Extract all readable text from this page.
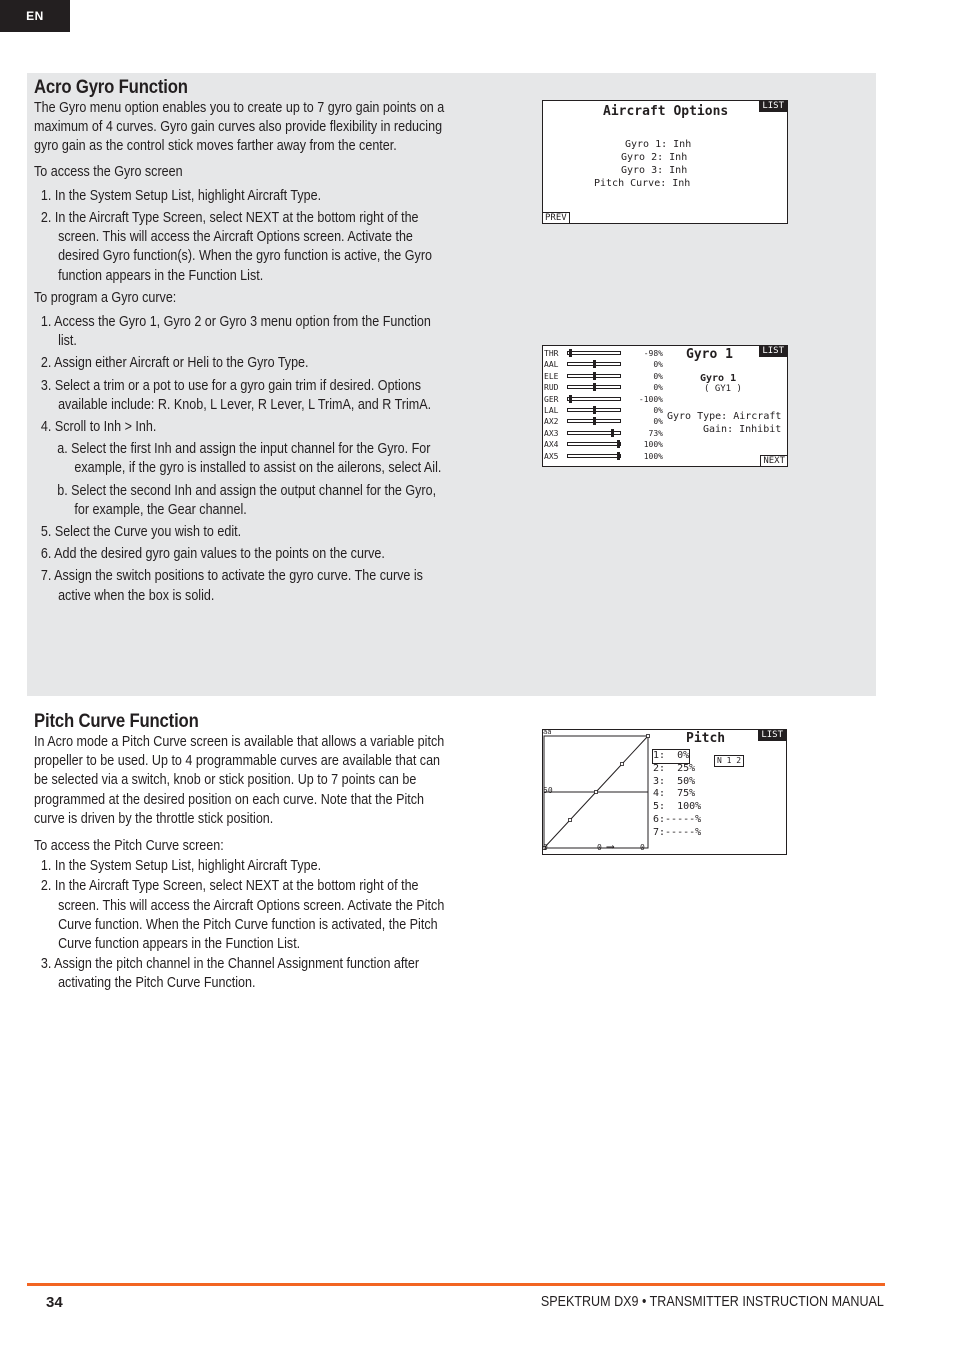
EN
Acro Gyro Function

The Gyro menu option enables you to create up to 7 gyro gain points on a maximum of 4 curves. Gyro gain curves also provide flexibility in reducing gyro gain as the control stick moves farther away from the center.

To access the Gyro screen

1. In the System Setup List, highlight Aircraft Type.
2. In the Aircraft Type Screen, select NEXT at the bottom right of the screen. This will access the Aircraft Options screen. Activate the desired Gyro function(s). When the gyro function is active, the Gyro function appears in the Function List.

To program a Gyro curve:

1. Access the Gyro 1, Gyro 2 or Gyro 3 menu option from the Function list.
2. Assign either Aircraft or Heli to the Gyro Type.
3. Select a trim or a pot to use for a gyro gain trim if desired. Options available include: R. Knob, L Lever, R Lever, L TrimA, and R TrimA.
4. Scroll to Inh > Inh.
a. Select the first Inh and assign the input channel for the Gyro. For example, if the gyro is installed to assist on the ailerons, select Ail.
b. Select the second Inh and assign the output channel for the Gyro, for example, the Gear channel.
5. Select the Curve you wish to edit.
6. Add the desired gyro gain values to the points on the curve.
7. Assign the switch positions to activate the gyro curve. The curve is active when the box is solid.
Aircraft Options	LIST
Gyro 1: Inh
Gyro 2: Inh
Gyro 3: Inh
Pitch Curve: Inh
PREV
THR	-98%
AAL	0%
ELE	0%
RUD	0%
GER	-100%
LAL	0%
AX2	0%
AX3	73%
AX4	100%
AX5	100%
Gyro 1	LIST
Gyro 1
( GY1 )
Gyro Type: Aircraft
Gain: Inhibit
NEXT
Pitch Curve Function

In Acro mode a Pitch Curve screen is available that allows a variable pitch propeller to be used. Up to 4 programmable curves are available that can be selected via a switch, knob or stick position. Up to 7 points can be programmed at the desired position on each curve. Note that the Pitch curve is driven by the throttle stick position.

To access the Pitch Curve screen:

1. In the System Setup List, highlight Aircraft Type.
2. In the Aircraft Type Screen, select NEXT at the bottom right of the screen. This will access the Aircraft Options screen. Activate the Pitch Curve function. When the Pitch Curve function is activated, the Pitch Curve function appears in the Function List.
3. Assign the pitch channel in the Channel Assignment function after activating the Pitch Curve Function.
aa
50
0	0 ⟶	0
Pitch	LIST
N 1 2
1:  0%

2:  25%
3:  50%
4:  75%
5:  100%
6:-----%
7:-----%
34	SPEKTRUM DX9 • TRANSMITTER INSTRUCTION MANUAL
